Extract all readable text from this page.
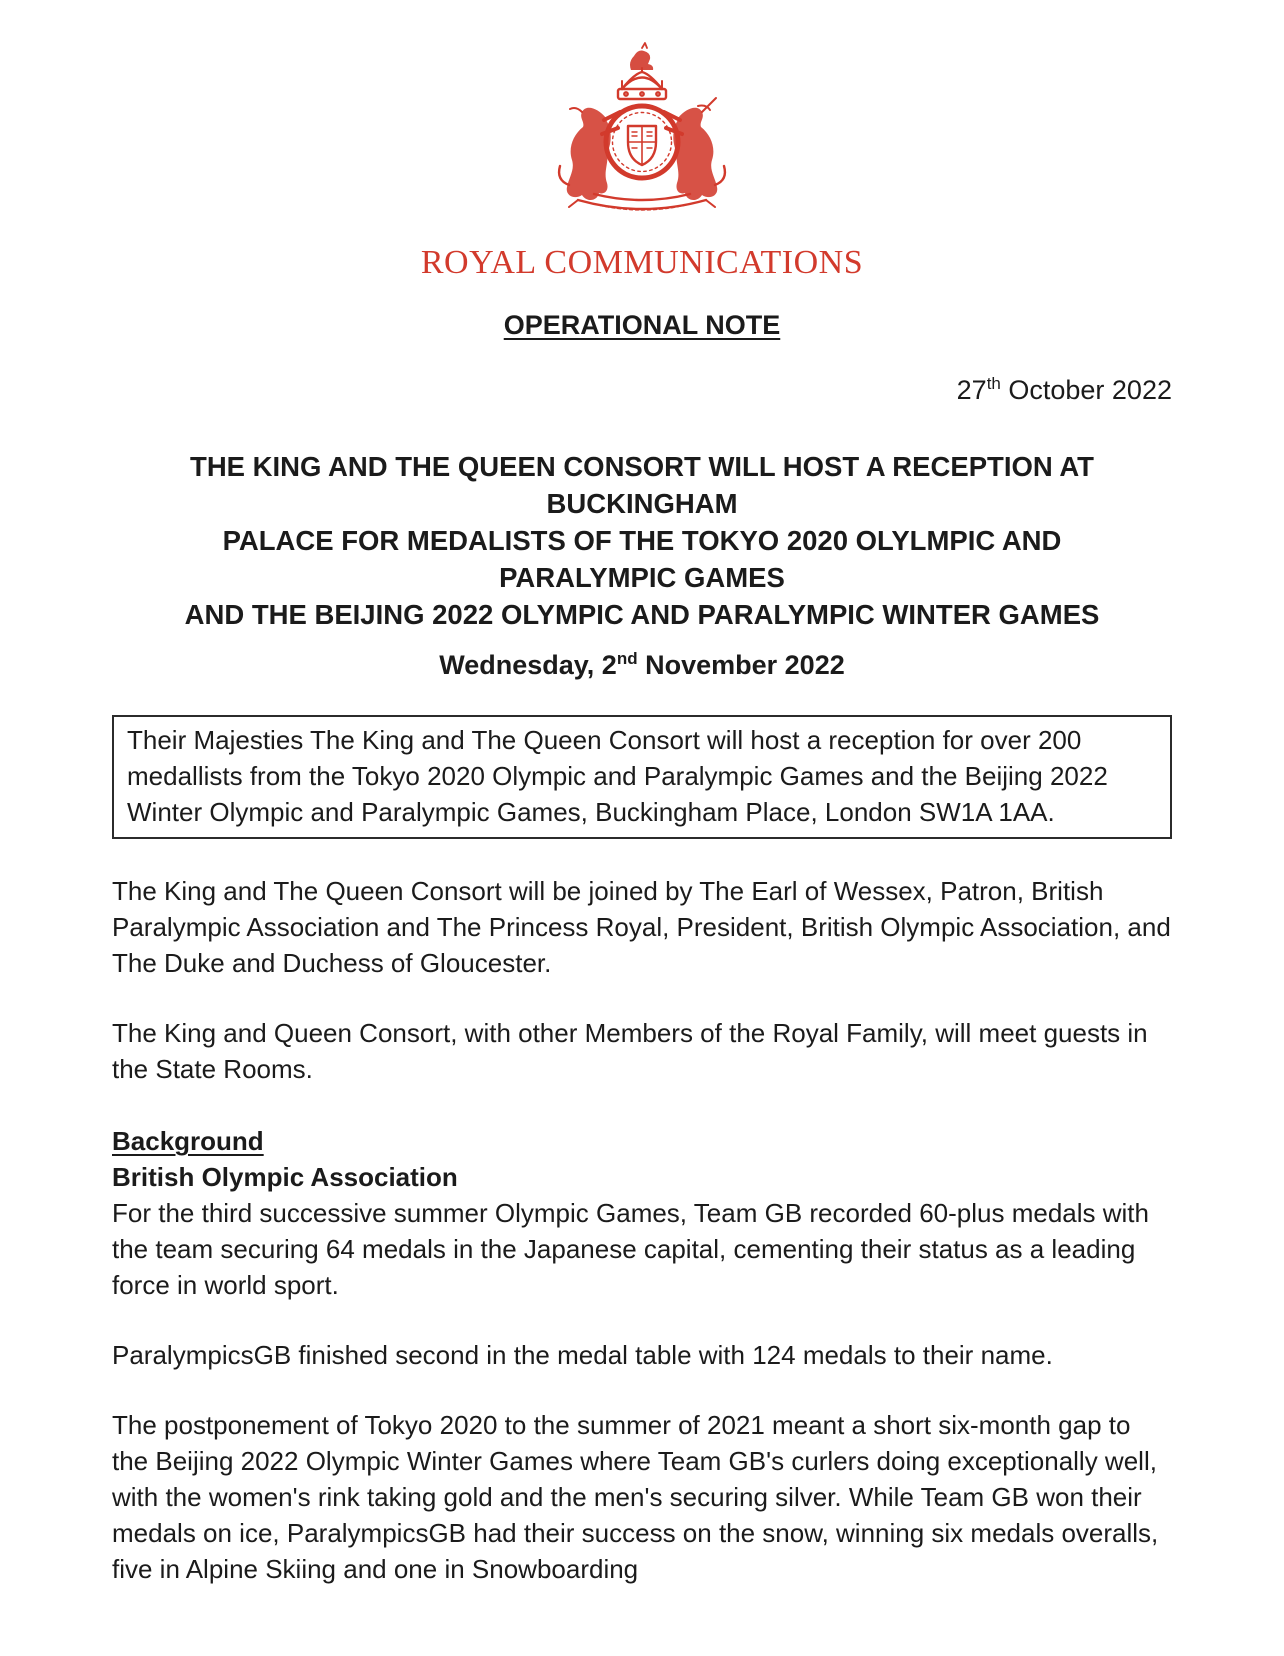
ROYAL COMMUNICATIONS
OPERATIONAL NOTE
27th October 2022
THE KING AND THE QUEEN CONSORT WILL HOST A RECEPTION AT BUCKINGHAM
PALACE FOR MEDALISTS OF THE TOKYO 2020 OLYLMPIC AND
PARALYMPIC GAMES
AND THE BEIJING 2022 OLYMPIC AND PARALYMPIC WINTER GAMES
Wednesday, 2nd November 2022
Their Majesties The King and The Queen Consort will host a reception for over 200 medallists from the Tokyo 2020 Olympic and Paralympic Games and the Beijing 2022 Winter Olympic and Paralympic Games, Buckingham Place, London SW1A 1AA.
The King and The Queen Consort will be joined by The Earl of Wessex, Patron, British Paralympic Association and The Princess Royal, President, British Olympic Association, and The Duke and Duchess of Gloucester.
The King and Queen Consort, with other Members of the Royal Family, will meet guests in the State Rooms.
Background
British Olympic Association
For the third successive summer Olympic Games, Team GB recorded 60-plus medals with the team securing 64 medals in the Japanese capital, cementing their status as a leading force in world sport.
ParalympicsGB finished second in the medal table with 124 medals to their name.
The postponement of Tokyo 2020 to the summer of 2021 meant a short six-month gap to the Beijing 2022 Olympic Winter Games where Team GB's curlers doing exceptionally well, with the women's rink taking gold and the men's securing silver. While Team GB won their medals on ice, ParalympicsGB had their success on the snow, winning six medals overalls, five in Alpine Skiing and one in Snowboarding
